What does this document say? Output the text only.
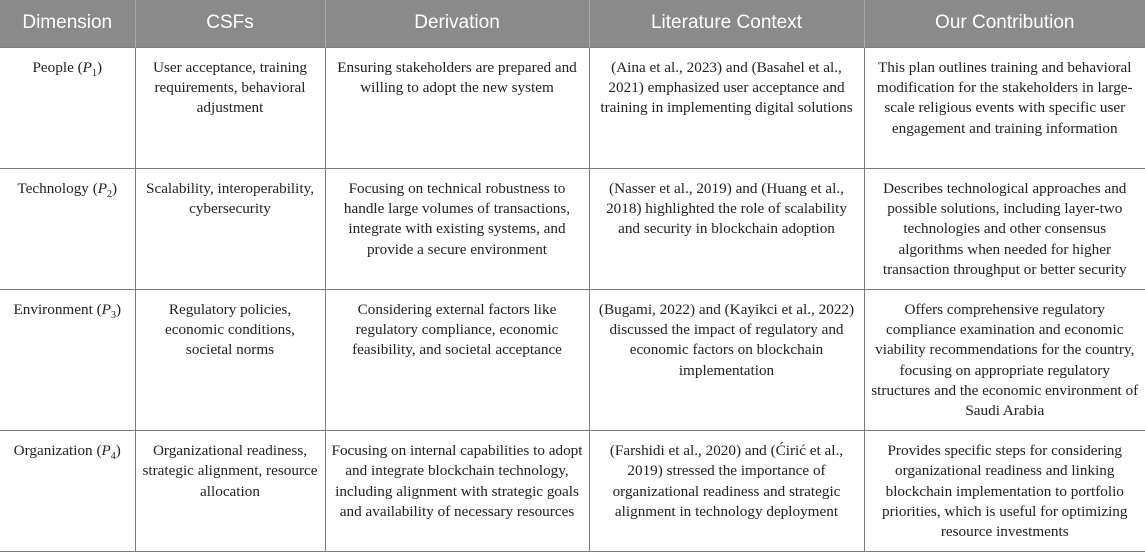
Dimension	CSFs	Derivation	Literature Context	Our Contribution
People $(P_1)$	User acceptance, training requirements, behavioral adjustment	Ensuring stakeholders are prepared and willing to adopt the new system	(Aina et al., 2023) and (Basahel et al., 2021) emphasized user acceptance and training in implementing digital solutions	This plan outlines training and behavioral modification for the stakeholders in large-scale religious events with specific user engagement and training information
Technology $(P_2)$	Scalability, interoperability, cybersecurity	Focusing on technical robustness to handle large volumes of transactions, integrate with existing systems, and provide a secure environment	(Nasser et al., 2019) and (Huang et al., 2018) highlighted the role of scalability and security in blockchain adoption	Describes technological approaches and possible solutions, including layer-two technologies and other consensus algorithms when needed for higher transaction throughput or better security
Environment $(P_3)$	Regulatory policies, economic conditions, societal norms	Considering external factors like regulatory compliance, economic feasibility, and societal acceptance	(Bugami, 2022) and (Kayikci et al., 2022) discussed the impact of regulatory and economic factors on blockchain implementation	Offers comprehensive regulatory compliance examination and economic viability recommendations for the country, focusing on appropriate regulatory structures and the economic environment of Saudi Arabia
Organization $(P_4)$	Organizational readiness, strategic alignment, resource allocation	Focusing on internal capabilities to adopt and integrate blockchain technology, including alignment with strategic goals and availability of necessary resources	(Farshidi et al., 2020) and (Ćirić et al., 2019) stressed the importance of organizational readiness and strategic alignment in technology deployment	Provides specific steps for considering organizational readiness and linking blockchain implementation to portfolio priorities, which is useful for optimizing resource investments
